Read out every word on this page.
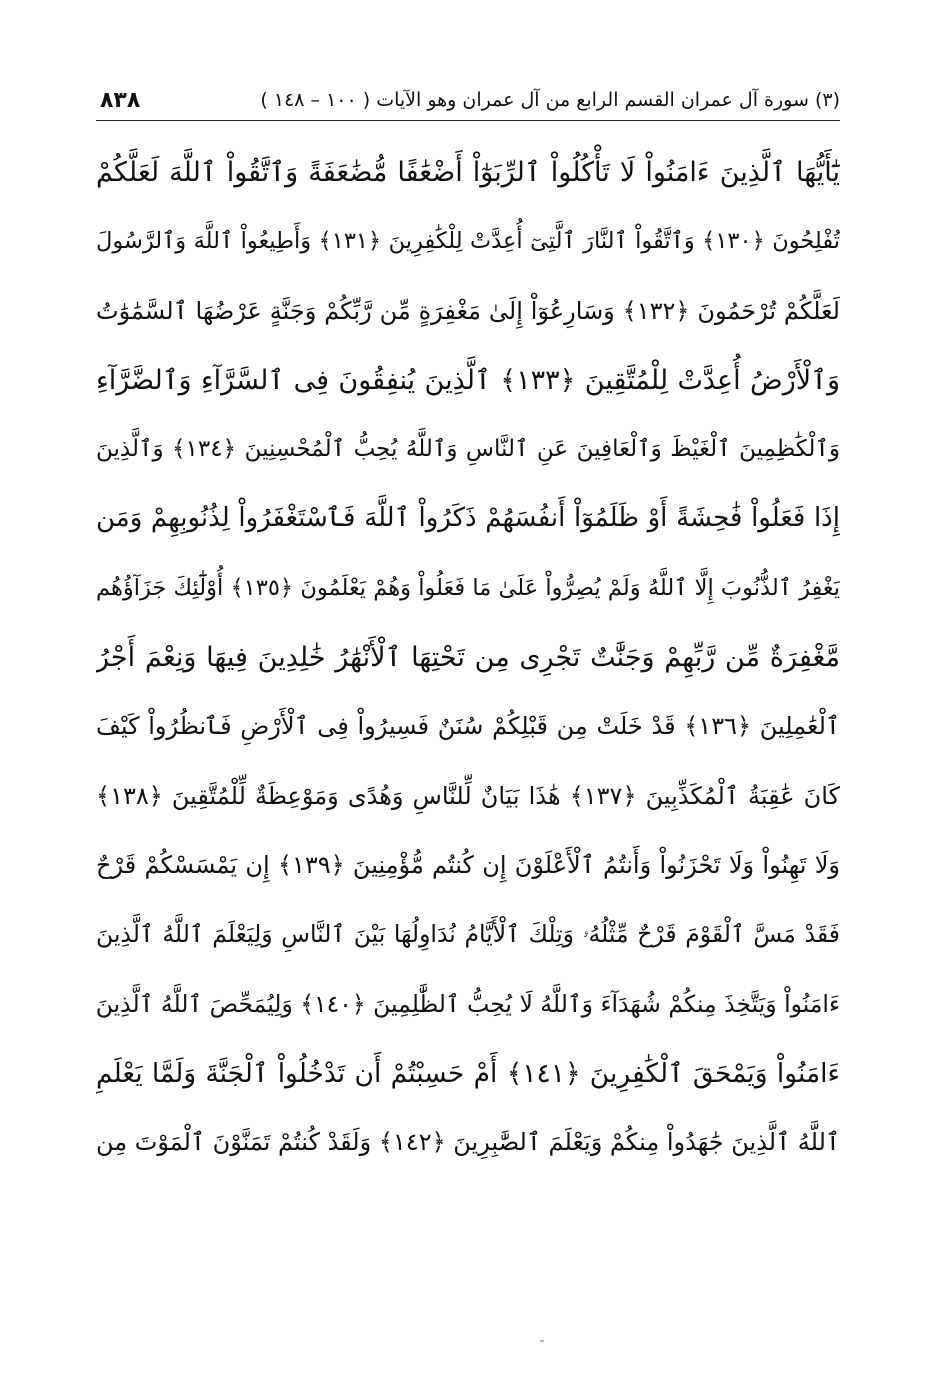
٨٣٨	(٣) سورة آل عمران القسم الرابع من آل عمران وهو الآيات ( ١٠٠ – ١٤٨ )
يَٰٓأَيُّهَا ٱلَّذِينَ ءَامَنُواْ لَا تَأْكُلُواْ ٱلرِّبَوٰٓاْ أَضْعَٰفًا مُّضَٰعَفَةً وَٱتَّقُواْ ٱللَّهَ لَعَلَّكُمْ
تُفْلِحُونَ ﴿١٣٠﴾ وَٱتَّقُواْ ٱلنَّارَ ٱلَّتِىٓ أُعِدَّتْ لِلْكَٰفِرِينَ ﴿١٣١﴾ وَأَطِيعُواْ ٱللَّهَ وَٱلرَّسُولَ
لَعَلَّكُمْ تُرْحَمُونَ ﴿١٣٢﴾ وَسَارِعُوٓاْ إِلَىٰ مَغْفِرَةٍ مِّن رَّبِّكُمْ وَجَنَّةٍ عَرْضُهَا ٱلسَّمَٰوَٰتُ
وَٱلْأَرْضُ أُعِدَّتْ لِلْمُتَّقِينَ ﴿١٣٣﴾ ٱلَّذِينَ يُنفِقُونَ فِى ٱلسَّرَّآءِ وَٱلضَّرَّآءِ
وَٱلْكَٰظِمِينَ ٱلْغَيْظَ وَٱلْعَافِينَ عَنِ ٱلنَّاسِ وَٱللَّهُ يُحِبُّ ٱلْمُحْسِنِينَ ﴿١٣٤﴾ وَٱلَّذِينَ
إِذَا فَعَلُواْ فَٰحِشَةً أَوْ ظَلَمُوٓاْ أَنفُسَهُمْ ذَكَرُواْ ٱللَّهَ فَٱسْتَغْفَرُواْ لِذُنُوبِهِمْ وَمَن
يَغْفِرُ ٱلذُّنُوبَ إِلَّا ٱللَّهُ وَلَمْ يُصِرُّواْ عَلَىٰ مَا فَعَلُواْ وَهُمْ يَعْلَمُونَ ﴿١٣٥﴾ أُوْلَٰٓئِكَ جَزَآؤُهُم
مَّغْفِرَةٌ مِّن رَّبِّهِمْ وَجَنَّٰتٌ تَجْرِى مِن تَحْتِهَا ٱلْأَنْهَٰرُ خَٰلِدِينَ فِيهَا وَنِعْمَ أَجْرُ
ٱلْعَٰمِلِينَ ﴿١٣٦﴾ قَدْ خَلَتْ مِن قَبْلِكُمْ سُنَنٌ فَسِيرُواْ فِى ٱلْأَرْضِ فَٱنظُرُواْ كَيْفَ
كَانَ عَٰقِبَةُ ٱلْمُكَذِّبِينَ ﴿١٣٧﴾ هَٰذَا بَيَانٌ لِّلنَّاسِ وَهُدًى وَمَوْعِظَةٌ لِّلْمُتَّقِينَ ﴿١٣٨﴾
وَلَا تَهِنُواْ وَلَا تَحْزَنُواْ وَأَنتُمُ ٱلْأَعْلَوْنَ إِن كُنتُم مُّؤْمِنِينَ ﴿١٣٩﴾ إِن يَمْسَسْكُمْ قَرْحٌ
فَقَدْ مَسَّ ٱلْقَوْمَ قَرْحٌ مِّثْلُهُۥ وَتِلْكَ ٱلْأَيَّامُ نُدَاوِلُهَا بَيْنَ ٱلنَّاسِ وَلِيَعْلَمَ ٱللَّهُ ٱلَّذِينَ
ءَامَنُواْ وَيَتَّخِذَ مِنكُمْ شُهَدَآءَ وَٱللَّهُ لَا يُحِبُّ ٱلظَّٰلِمِينَ ﴿١٤٠﴾ وَلِيُمَحِّصَ ٱللَّهُ ٱلَّذِينَ
ءَامَنُواْ وَيَمْحَقَ ٱلْكَٰفِرِينَ ﴿١٤١﴾ أَمْ حَسِبْتُمْ أَن تَدْخُلُواْ ٱلْجَنَّةَ وَلَمَّا يَعْلَمِ
ٱللَّهُ ٱلَّذِينَ جَٰهَدُواْ مِنكُمْ وَيَعْلَمَ ٱلصَّٰبِرِينَ ﴿١٤٢﴾ وَلَقَدْ كُنتُمْ تَمَنَّوْنَ ٱلْمَوْتَ مِن
